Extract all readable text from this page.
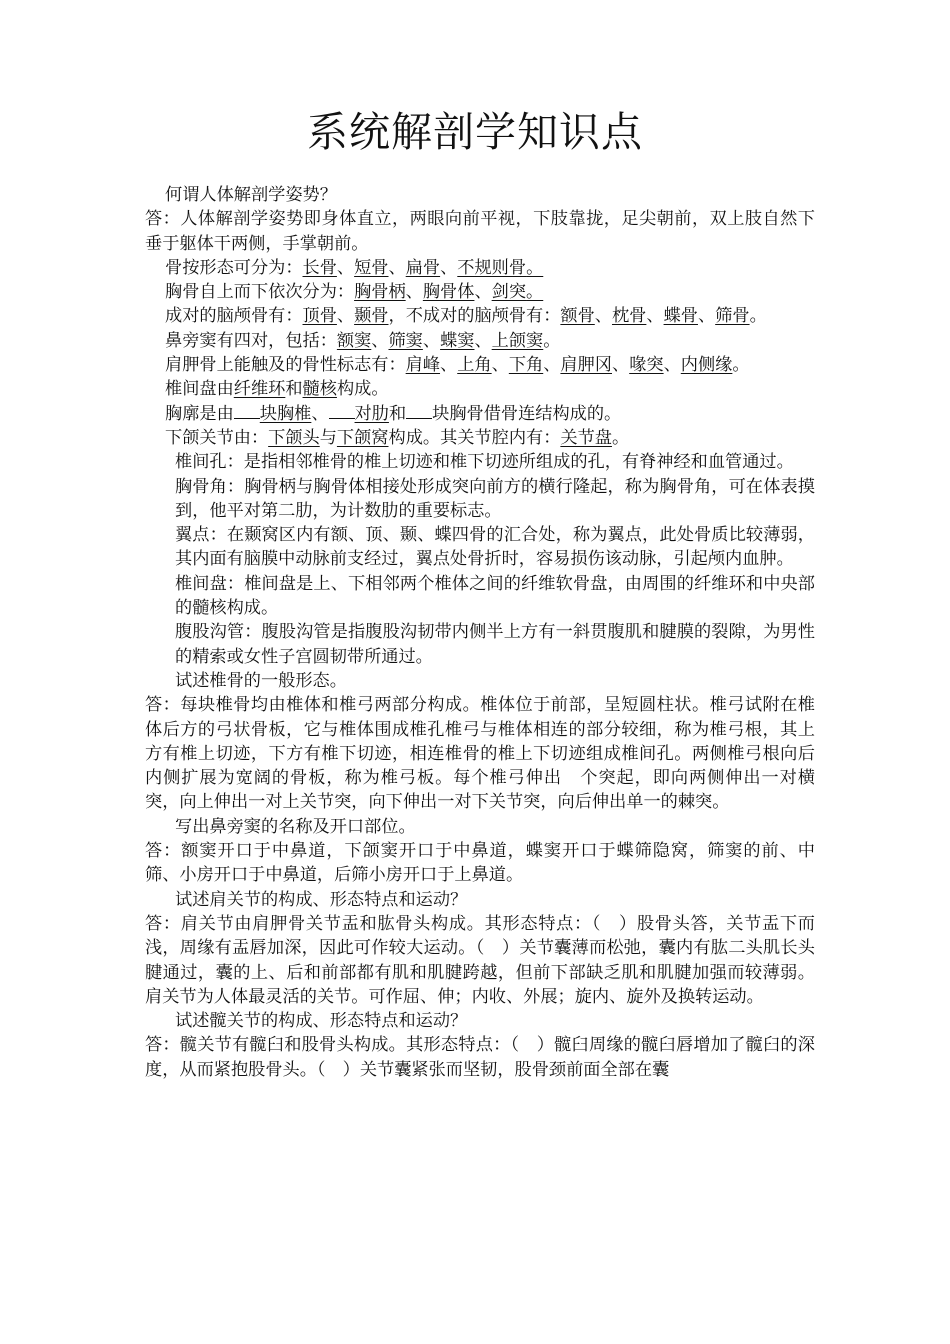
系统解剖学知识点

何谓人体解剖学姿势？

答：人体解剖学姿势即身体直立，两眼向前平视，下肢靠拢，足尖朝前，双上肢自然下垂于躯体干两侧，手掌朝前。

骨按形态可分为：长骨、短骨、扁骨、不规则骨。

胸骨自上而下依次分为：胸骨柄、胸骨体、剑突。

成对的脑颅骨有：顶骨、颞骨，不成对的脑颅骨有：额骨、枕骨、蝶骨、筛骨。

鼻旁窦有四对，包括：额窦、筛窦、蝶窦、上颌窦。

肩胛骨上能触及的骨性标志有：肩峰、上角、下角、肩胛冈、喙突、内侧缘。

椎间盘由纤维环和髓核构成。

胸廓是由 块胸椎、 对肋和 块胸骨借骨连结构成的。

下颌关节由：下颌头与下颌窝构成。其关节腔内有：关节盘。

椎间孔：是指相邻椎骨的椎上切迹和椎下切迹所组成的孔，有脊神经和血管通过。

胸骨角：胸骨柄与胸骨体相接处形成突向前方的横行隆起，称为胸骨角，可在体表摸到，他平对第二肋，为计数肋的重要标志。

翼点：在颞窝区内有额、顶、颞、蝶四骨的汇合处，称为翼点，此处骨质比较薄弱，其内面有脑膜中动脉前支经过，翼点处骨折时，容易损伤该动脉，引起颅内血肿。

椎间盘：椎间盘是上、下相邻两个椎体之间的纤维软骨盘，由周围的纤维环和中央部的髓核构成。

腹股沟管：腹股沟管是指腹股沟韧带内侧半上方有一斜贯腹肌和腱膜的裂隙，为男性的精索或女性子宫圆韧带所通过。

试述椎骨的一般形态。

答：每块椎骨均由椎体和椎弓两部分构成。椎体位于前部，呈短圆柱状。椎弓试附在椎体后方的弓状骨板，它与椎体围成椎孔椎弓与椎体相连的部分较细，称为椎弓根，其上方有椎上切迹，下方有椎下切迹，相连椎骨的椎上下切迹组成椎间孔。两侧椎弓根向后内侧扩展为宽阔的骨板，称为椎弓板。每个椎弓伸出　个突起，即向两侧伸出一对横突，向上伸出一对上关节突，向下伸出一对下关节突，向后伸出单一的棘突。

写出鼻旁窦的名称及开口部位。

答：额窦开口于中鼻道，下颌窦开口于中鼻道，蝶窦开口于蝶筛隐窝，筛窦的前、中筛、小房开口于中鼻道，后筛小房开口于上鼻道。

试述肩关节的构成、形态特点和运动？

答：肩关节由肩胛骨关节盂和肱骨头构成。其形态特点：（　）股骨头答，关节盂下而浅，周缘有盂唇加深，因此可作较大运动。（　）关节囊薄而松弛，囊内有肱二头肌长头腱通过，囊的上、后和前部都有肌和肌腱跨越，但前下部缺乏肌和肌腱加强而较薄弱。肩关节为人体最灵活的关节。可作屈、伸；内收、外展；旋内、旋外及换转运动。

试述髋关节的构成、形态特点和运动？

答：髋关节有髋臼和股骨头构成。其形态特点：（　）髋臼周缘的髋臼唇增加了髋臼的深度，从而紧抱股骨头。（　）关节囊紧张而坚韧，股骨颈前面全部在囊
